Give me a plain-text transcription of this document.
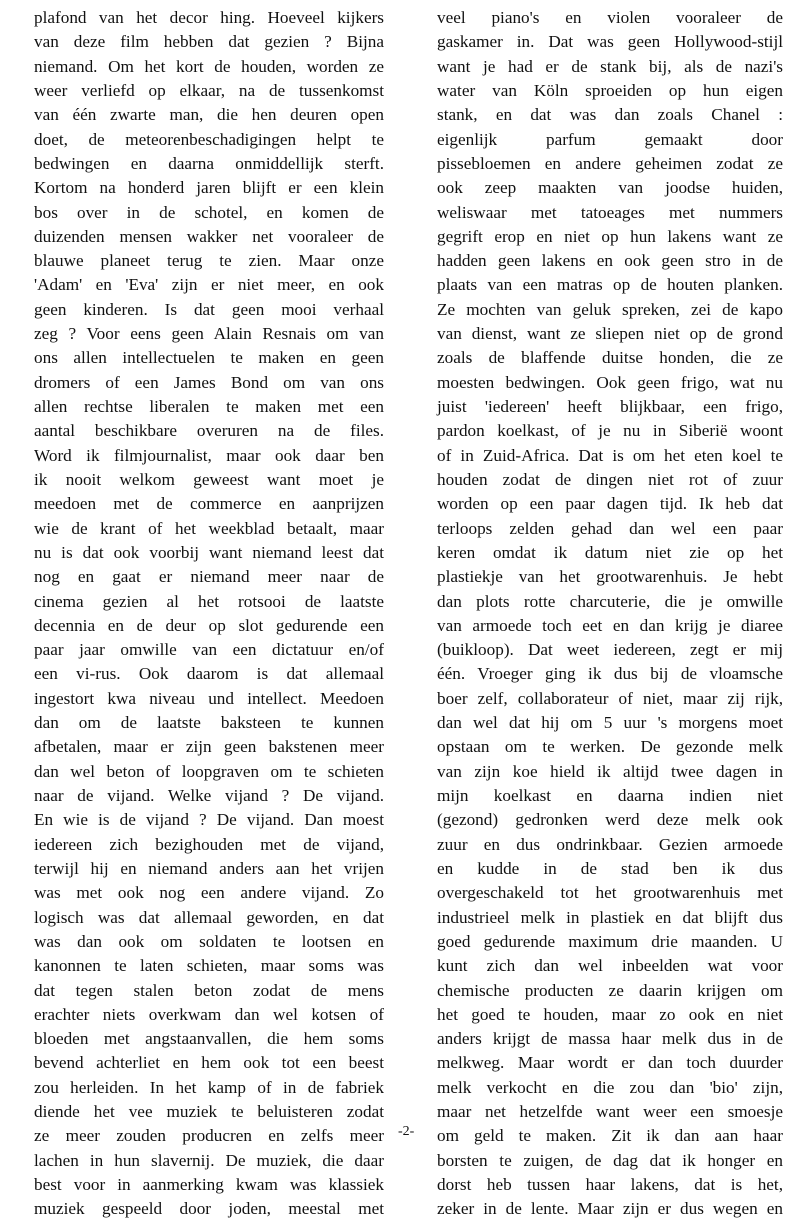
plafond van het decor hing. Hoeveel kijkers
van deze film hebben dat gezien ? Bijna
niemand. Om het kort de houden, worden ze
weer verliefd op elkaar, na de tussenkomst
van één zwarte man, die hen deuren open
doet, de meteorenbeschadigingen helpt te
bedwingen en daarna onmiddellijk sterft.
Kortom na honderd jaren blijft er een klein
bos over in de schotel, en komen de
duizenden mensen wakker net vooraleer de
blauwe planeet terug te zien. Maar onze
'Adam' en 'Eva' zijn er niet meer, en ook
geen kinderen. Is dat geen mooi verhaal
zeg ? Voor eens geen Alain Resnais om van
ons allen intellectuelen te maken en geen
dromers of een James Bond om van ons
allen rechtse liberalen te maken met een
aantal beschikbare overuren na de files.
Word ik filmjournalist, maar ook daar ben
ik nooit welkom geweest want moet je
meedoen met de commerce en aanprijzen
wie de krant of het weekblad betaalt, maar
nu is dat ook voorbij want niemand leest dat
nog en gaat er niemand meer naar de
cinema gezien al het rotsooi de laatste
decennia en de deur op slot gedurende een
paar jaar omwille van een dictatuur en/of
een vi-rus. Ook daarom is dat allemaal
ingestort kwa niveau und intellect. Meedoen
dan om de laatste baksteen te kunnen
afbetalen, maar er zijn geen bakstenen meer
dan wel beton of loopgraven om te schieten
naar de vijand. Welke vijand ? De vijand.
En wie is de vijand ? De vijand. Dan moest
iedereen zich bezighouden met de vijand,
terwijl hij en niemand anders aan het vrijen
was met ook nog een andere vijand. Zo
logisch was dat allemaal geworden, en dat
was dan ook om soldaten te lootsen en
kanonnen te laten schieten, maar soms was
dat tegen stalen beton zodat de mens
erachter niets overkwam dan wel kotsen of
bloeden met angstaanvallen, die hem soms
bevend achterliet en hem ook tot een beest
zou herleiden. In het kamp of in de fabriek
diende het vee muziek te beluisteren zodat
ze meer zouden producren en zelfs meer
lachen in hun slavernij. De muziek, die daar
best voor in aanmerking kwam was klassiek
muziek gespeeld door joden, meestal met
veel piano's en violen vooraleer de
gaskamer in. Dat was geen Hollywood-stijl
want je had er de stank bij, als de nazi's
water van Köln sproeiden op hun eigen
stank, en dat was dan zoals Chanel :
eigenlijk parfum gemaakt door
pissebloemen en andere geheimen zodat ze
ook zeep maakten van joodse huiden,
weliswaar met tatoeages met nummers
gegrift erop en niet op hun lakens want ze
hadden geen lakens en ook geen stro in de
plaats van een matras op de houten planken.
Ze mochten van geluk spreken, zei de kapo
van dienst, want ze sliepen niet op de grond
zoals de blaffende duitse honden, die ze
moesten bedwingen. Ook geen frigo, wat nu
juist 'iedereen' heeft blijkbaar, een frigo,
pardon koelkast, of je nu in Siberië woont
of in Zuid-Africa. Dat is om het eten koel te
houden zodat de dingen niet rot of zuur
worden op een paar dagen tijd. Ik heb dat
terloops zelden gehad dan wel een paar
keren omdat ik datum niet zie op het
plastiekje van het grootwarenhuis. Je hebt
dan plots rotte charcuterie, die je omwille
van armoede toch eet en dan krijg je diaree
(buikloop). Dat weet iedereen, zegt er mij
één. Vroeger ging ik dus bij de vloamsche
boer zelf, collaborateur of niet, maar zij rijk,
dan wel dat hij om 5 uur 's morgens moet
opstaan om te werken. De gezonde melk
van zijn koe hield ik altijd twee dagen in
mijn koelkast en daarna indien niet
(gezond) gedronken werd deze melk ook
zuur en dus ondrinkbaar. Gezien armoede
en kudde in de stad ben ik dus
overgeschakeld tot het grootwarenhuis met
industrieel melk in plastiek en dat blijft dus
goed gedurende maximum drie maanden. U
kunt zich dan wel inbeelden wat voor
chemische producten ze daarin krijgen om
het goed te houden, maar zo ook en niet
anders krijgt de massa haar melk dus in de
melkweg. Maar wordt er dan toch duurder
melk verkocht en die zou dan 'bio' zijn,
maar net hetzelfde want weer een smoesje
om geld te maken. Zit ik dan aan haar
borsten te zuigen, de dag dat ik honger en
dorst heb tussen haar lakens, dat is het,
zeker in de lente. Maar zijn er dus wegen en
-2-
